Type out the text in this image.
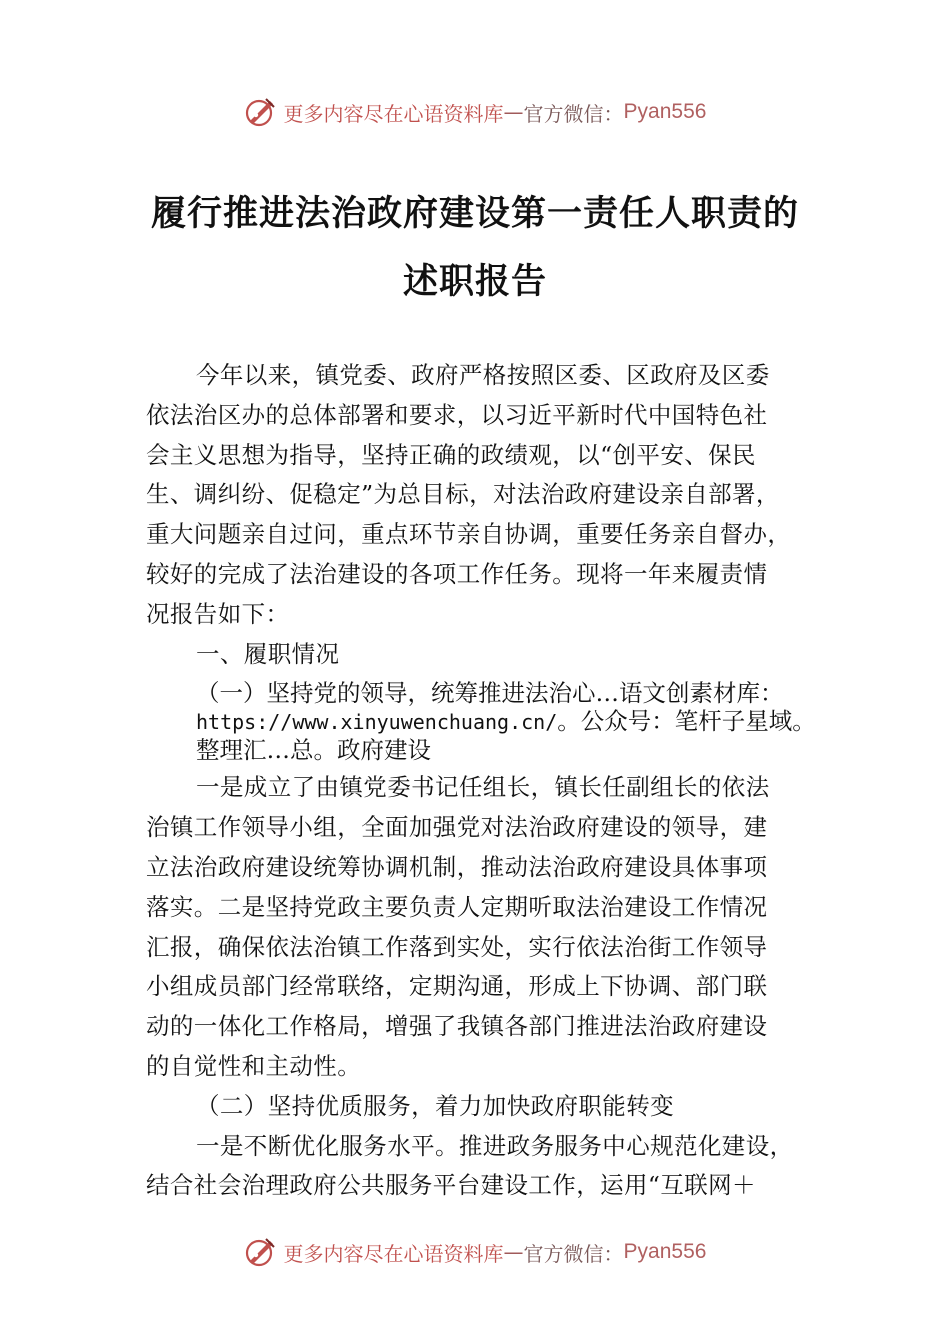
更多内容尽在心语资料库 — 官方微信： Pyan556
履行推进法治政府建设第一责任人职责的
述职报告
今年以来，镇党委、政府严格按照区委、区政府及区委
依法治区办的总体部署和要求，以习近平新时代中国特色社
会主义思想为指导，坚持正确的政绩观，以“创平安、保民
生、调纠纷、促稳定”为总目标，对法治政府建设亲自部署，
重大问题亲自过问，重点环节亲自协调，重要任务亲自督办，
较好的完成了法治建设的各项工作任务。现将一年来履责情
况报告如下：
一、履职情况
（一）坚持党的领导，统筹推进法治心…语文创素材库：
https://www.xinyuwenchuang.cn/。公众号：笔杆子星域。
整理汇…总。政府建设
一是成立了由镇党委书记任组长，镇长任副组长的依法
治镇工作领导小组，全面加强党对法治政府建设的领导，建
立法治政府建设统筹协调机制，推动法治政府建设具体事项
落实。二是坚持党政主要负责人定期听取法治建设工作情况
汇报，确保依法治镇工作落到实处，实行依法治街工作领导
小组成员部门经常联络，定期沟通，形成上下协调、部门联
动的一体化工作格局，增强了我镇各部门推进法治政府建设
的自觉性和主动性。
（二）坚持优质服务，着力加快政府职能转变
一是不断优化服务水平。推进政务服务中心规范化建设，
结合社会治理政府公共服务平台建设工作，运用“互联网＋
更多内容尽在心语资料库 — 官方微信： Pyan556
